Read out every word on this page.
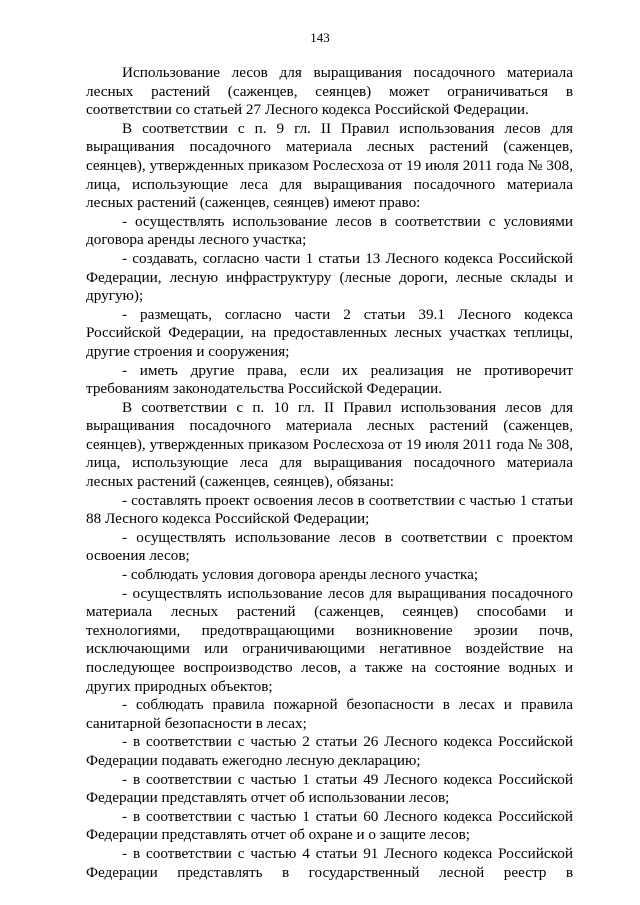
143

Использование лесов для выращивания посадочного материала лесных растений (саженцев, сеянцев) может ограничиваться в соответствии со статьей 27 Лесного кодекса Российской Федерации.

В соответствии с п. 9 гл. II Правил использования лесов для выращивания посадочного материала лесных растений (саженцев, сеянцев), утвержденных приказом Рослесхоза от 19 июля 2011 года № 308, лица, использующие леса для выращивания посадочного материала лесных растений (саженцев, сеянцев) имеют право:

- осуществлять использование лесов в соответствии с условиями договора аренды лесного участка;

- создавать, согласно части 1 статьи 13 Лесного кодекса Российской Федерации, лесную инфраструктуру (лесные дороги, лесные склады и другую);

- размещать, согласно части 2 статьи 39.1 Лесного кодекса Российской Федерации, на предоставленных лесных участках теплицы, другие строения и сооружения;

- иметь другие права, если их реализация не противоречит требованиям законодательства Российской Федерации.

В соответствии с п. 10 гл. II Правил использования лесов для выращивания посадочного материала лесных растений (саженцев, сеянцев), утвержденных приказом Рослесхоза от 19 июля 2011 года № 308, лица, использующие леса для выращивания посадочного материала лесных растений (саженцев, сеянцев), обязаны:

- составлять проект освоения лесов в соответствии с частью 1 статьи 88 Лесного кодекса Российской Федерации;

- осуществлять использование лесов в соответствии с проектом освоения лесов;

- соблюдать условия договора аренды лесного участка;

- осуществлять использование лесов для выращивания посадочного материала лесных растений (саженцев, сеянцев) способами и технологиями, предотвращающими возникновение эрозии почв, исключающими или ограничивающими негативное воздействие на последующее воспроизводство лесов, а также на состояние водных и других природных объектов;

- соблюдать правила пожарной безопасности в лесах и правила санитарной безопасности в лесах;

- в соответствии с частью 2 статьи 26 Лесного кодекса Российской Федерации подавать ежегодно лесную декларацию;

- в соответствии с частью 1 статьи 49 Лесного кодекса Российской Федерации представлять отчет об использовании лесов;

- в соответствии с частью 1 статьи 60 Лесного кодекса Российской Федерации представлять отчет об охране и о защите лесов;

- в соответствии с частью 4 статьи 91 Лесного кодекса Российской Федерации представлять в государственный лесной реестр в
